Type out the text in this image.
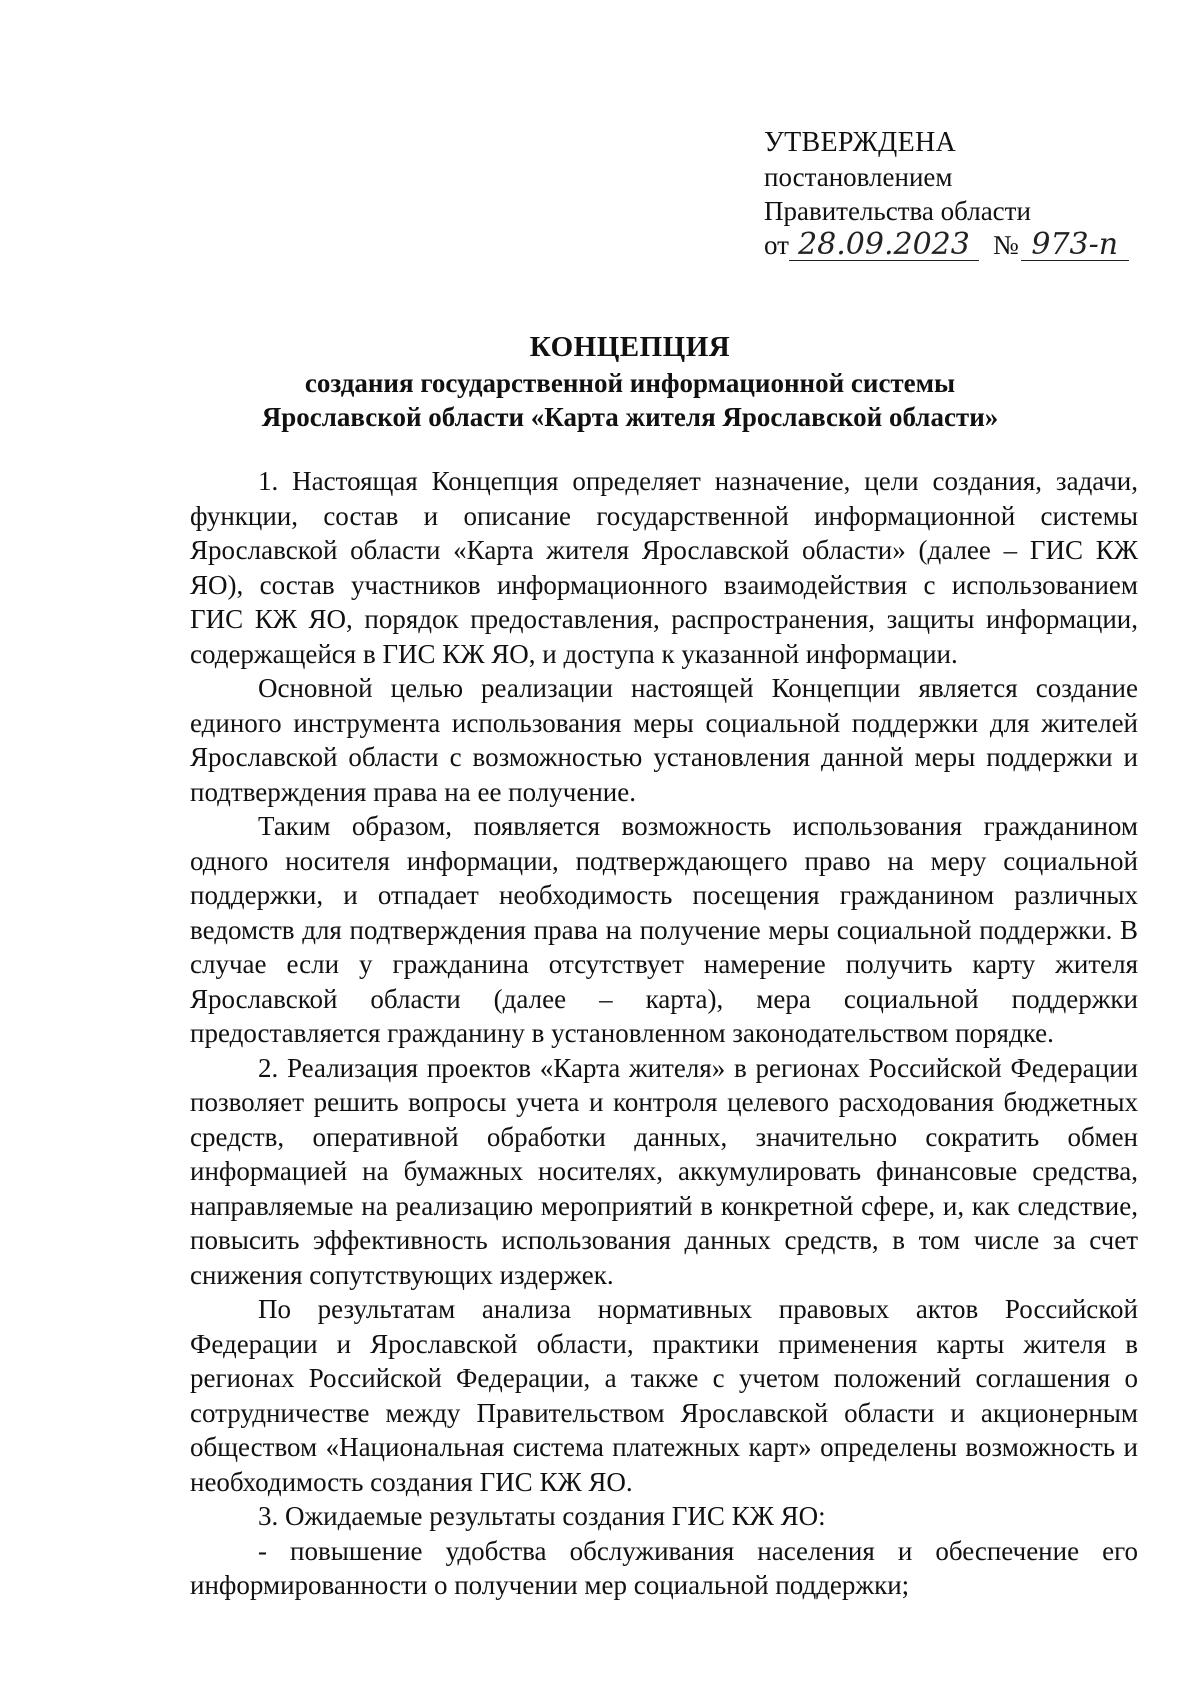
УТВЕРЖДЕНА
постановлением
Правительства области
от 28.09.2023 № 973-п
КОНЦЕПЦИЯ
создания государственной информационной системы
Ярославской области «Карта жителя Ярославской области»

1. Настоящая Концепция определяет назначение, цели создания, задачи, функции, состав и описание государственной информационной системы Ярославской области «Карта жителя Ярославской области» (далее – ГИС КЖ ЯО), состав участников информационного взаимодействия с использованием ГИС КЖ ЯО, порядок предоставления, распространения, защиты информации, содержащейся в ГИС КЖ ЯО, и доступа к указанной информации.

Основной целью реализации настоящей Концепции является создание единого инструмента использования меры социальной поддержки для жителей Ярославской области с возможностью установления данной меры поддержки и подтверждения права на ее получение.

Таким образом, появляется возможность использования гражданином одного носителя информации, подтверждающего право на меру социальной поддержки, и отпадает необходимость посещения гражданином различных ведомств для подтверждения права на получение меры социальной поддержки. В случае если у гражданина отсутствует намерение получить карту жителя Ярославской области (далее – карта), мера социальной поддержки предоставляется гражданину в установленном законодательством порядке.

2. Реализация проектов «Карта жителя» в регионах Российской Федерации позволяет решить вопросы учета и контроля целевого расходования бюджетных средств, оперативной обработки данных, значительно сократить обмен информацией на бумажных носителях, аккумулировать финансовые средства, направляемые на реализацию мероприятий в конкретной сфере, и, как следствие, повысить эффективность использования данных средств, в том числе за счет снижения сопутствующих издержек.

По результатам анализа нормативных правовых актов Российской Федерации и Ярославской области, практики применения карты жителя в регионах Российской Федерации, а также с учетом положений соглашения о сотрудничестве между Правительством Ярославской области и акционерным обществом «Национальная система платежных карт» определены возможность и необходимость создания ГИС КЖ ЯО.

3. Ожидаемые результаты создания ГИС КЖ ЯО:

- повышение удобства обслуживания населения и обеспечение его информированности о получении мер социальной поддержки;
